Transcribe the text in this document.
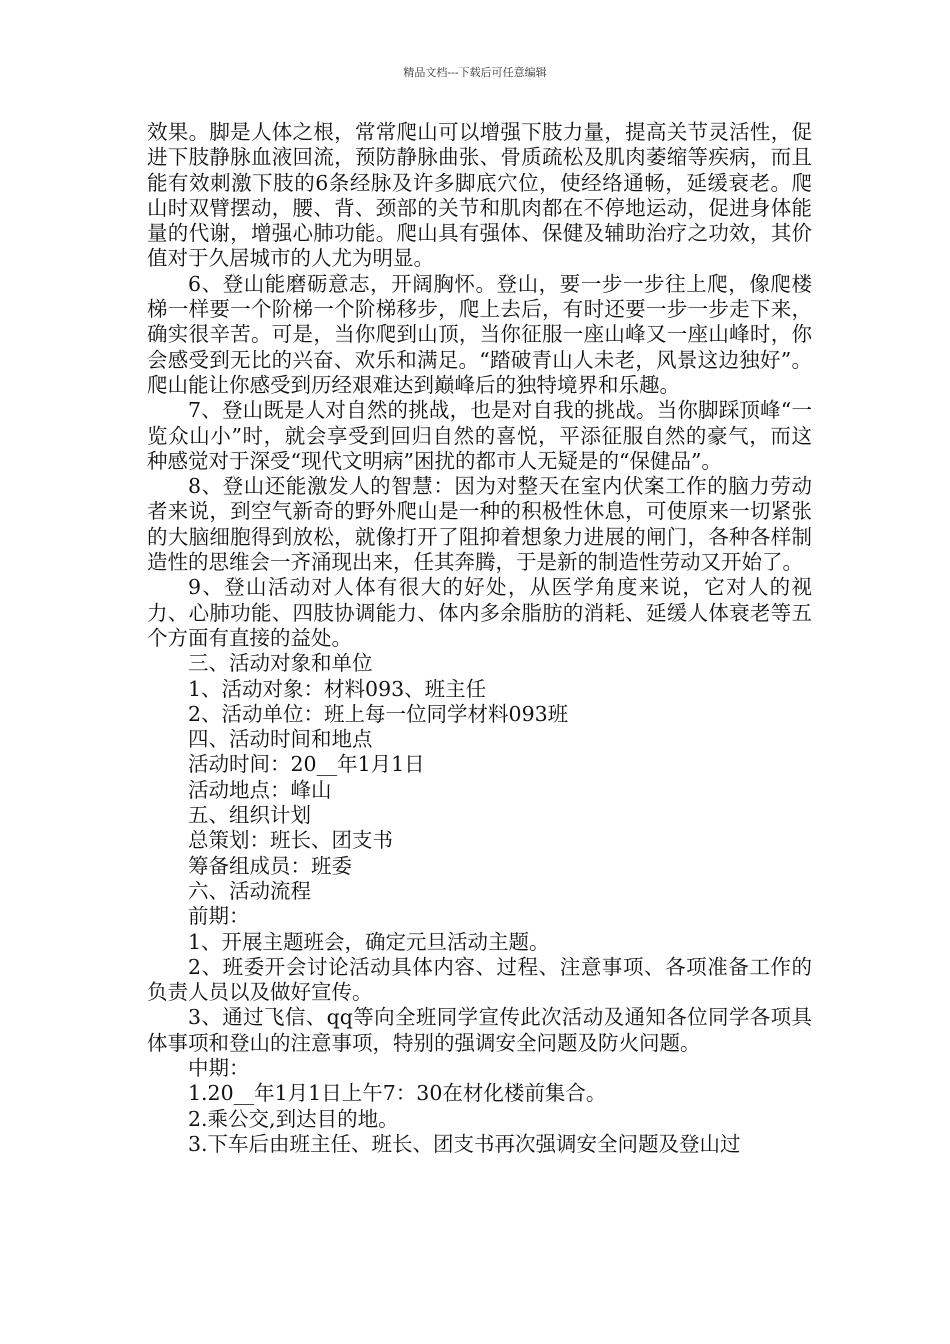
精品文档---下载后可任意编辑

效果。脚是人体之根，常常爬山可以增强下肢力量，提高关节灵活性，促进下肢静脉血液回流，预防静脉曲张、骨质疏松及肌肉萎缩等疾病，而且能有效刺激下肢的6条经脉及许多脚底穴位，使经络通畅，延缓衰老。爬山时双臂摆动，腰、背、颈部的关节和肌肉都在不停地运动，促进身体能量的代谢，增强心肺功能。爬山具有强体、保健及辅助治疗之功效，其价值对于久居城市的人尤为明显。

6、登山能磨砺意志，开阔胸怀。登山，要一步一步往上爬，像爬楼梯一样要一个阶梯一个阶梯移步，爬上去后，有时还要一步一步走下来，确实很辛苦。可是，当你爬到山顶，当你征服一座山峰又一座山峰时，你会感受到无比的兴奋、欢乐和满足。“踏破青山人未老，风景这边独好”。爬山能让你感受到历经艰难达到巅峰后的独特境界和乐趣。

7、登山既是人对自然的挑战，也是对自我的挑战。当你脚踩顶峰“一览众山小”时，就会享受到回归自然的喜悦，平添征服自然的豪气，而这种感觉对于深受“现代文明病”困扰的都市人无疑是的“保健品”。

8、登山还能激发人的智慧：因为对整天在室内伏案工作的脑力劳动者来说，到空气新奇的野外爬山是一种的积极性休息，可使原来一切紧张的大脑细胞得到放松，就像打开了阻抑着想象力进展的闸门，各种各样制造性的思维会一齐涌现出来，任其奔腾，于是新的制造性劳动又开始了。

9、登山活动对人体有很大的好处，从医学角度来说，它对人的视力、心肺功能、四肢协调能力、体内多余脂肪的消耗、延缓人体衰老等五个方面有直接的益处。

三、活动对象和单位

1、活动对象：材料093、班主任

2、活动单位：班上每一位同学材料093班

四、活动时间和地点

活动时间：20__年1月1日

活动地点：峰山

五、组织计划

总策划：班长、团支书

筹备组成员：班委

六、活动流程

前期：

1、开展主题班会，确定元旦活动主题。

2、班委开会讨论活动具体内容、过程、注意事项、各项准备工作的负责人员以及做好宣传。

3、通过飞信、qq等向全班同学宣传此次活动及通知各位同学各项具体事项和登山的注意事项，特别的强调安全问题及防火问题。

中期：

1.20__年1月1日上午7：30在材化楼前集合。

2.乘公交,到达目的地。

3.下车后由班主任、班长、团支书再次强调安全问题及登山过
